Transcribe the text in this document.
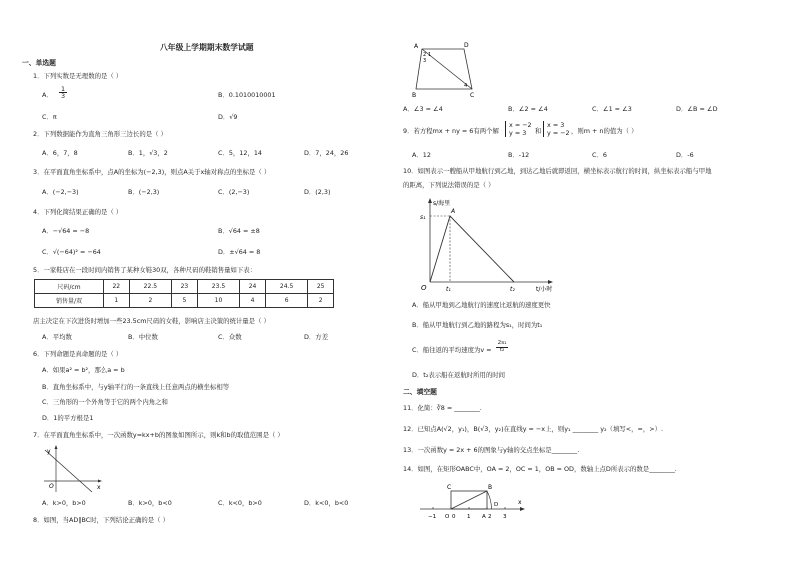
八年级上学期期末数学试题
一、单选题
1．下列实数是无理数的是（ ）
A． $\frac{1}{3}$	B．0.1010010001
C．π	D．√9
2．下列数据能作为直角三角形三边长的是（ ）
A．6，7，8	B．1，√3，2	C．5，12，14	D．7，24，26
3．在平面直角坐标系中，点A的坐标为(−2,3)，则点A关于x轴对称点的坐标是（ ）
A．(−2,−3)	B．(−2,3)	C．(2,−3)	D．(2,3)
4．下列化简结果正确的是（ ）
A．−√64 = −8	B．√64 = ±8
C．√(−64)² = −64	D．±√64 = 8
5．一家鞋店在一段时间内销售了某种女鞋30双，各种尺码的鞋销售量如下表：
尺码/cm	22	22.5	23	23.5	24	24.5	25
销售量/双	1	2	5	10	4	6	2
店主决定在下次进货时增加一些23.5cm尺码的女鞋，影响店主决策的统计量是（ ）
A．平均数	B．中位数	C．众数	D．方差
6．下列命题是真命题的是（ ）
A．如果a² = b²，那么a = b
B．直角坐标系中，与y轴平行的一条直线上任意两点的横坐标相等
C．三角形的一个外角等于它的两个内角之和
D．1的平方根是1
7．在平面直角坐标系中，一次函数y=kx+b的图象如图所示，则k和b的取值范围是（ ）
y
x
O
A．k>0，b>0	B．k>0，b<0	C．k<0，b>0	D．k<0，b<0
8．如图，当AD∥BC时，下列结论正确的是（ ）
A	D
B	C
1
2
3
4
A．∠3 = ∠4	B．∠2 = ∠4	C．∠1 = ∠3	D．∠B = ∠D
9．若方程mx + ny = 6有两个解
x = −2
y = 3	和
x = 3
y = −2 ，则m + n的值为（ ）
A．12	B．-12	C．6	D．-6
10．如图表示一艘船从甲地航行到乙地，到达乙地后就即返回，横坐标表示航行的时间，纵坐标表示船与甲地
的距离，下列说法错误的是（ ）
s/海里
t/小时
s₁
A
O	t₁	t₂
A．船从甲地到乙地航行的速度比返航的速度更快
B．船从甲地航行到乙地的路程为s₁，时间为t₁
C．船往返的平均速度为$v = \frac{\text{2s₁}}{\text{t₂}}$
D．t₂表示船在返航时所用的时间
二、填空题
11．化简：∛8 = ________.
12．已知点A(√2，y₁)，B(√3，y₂)在直线y = −x上，则y₁ ________ y₂（填写<，=，>）.
13．一次函数y = 2x + 6的图象与y轴的交点坐标是________.
14．如图，在矩形OABC中，OA = 2，OC = 1，OB = OD，数轴上点D所表示的数是________.
C	B
x
−1 O 0 1 A 2
D
3
